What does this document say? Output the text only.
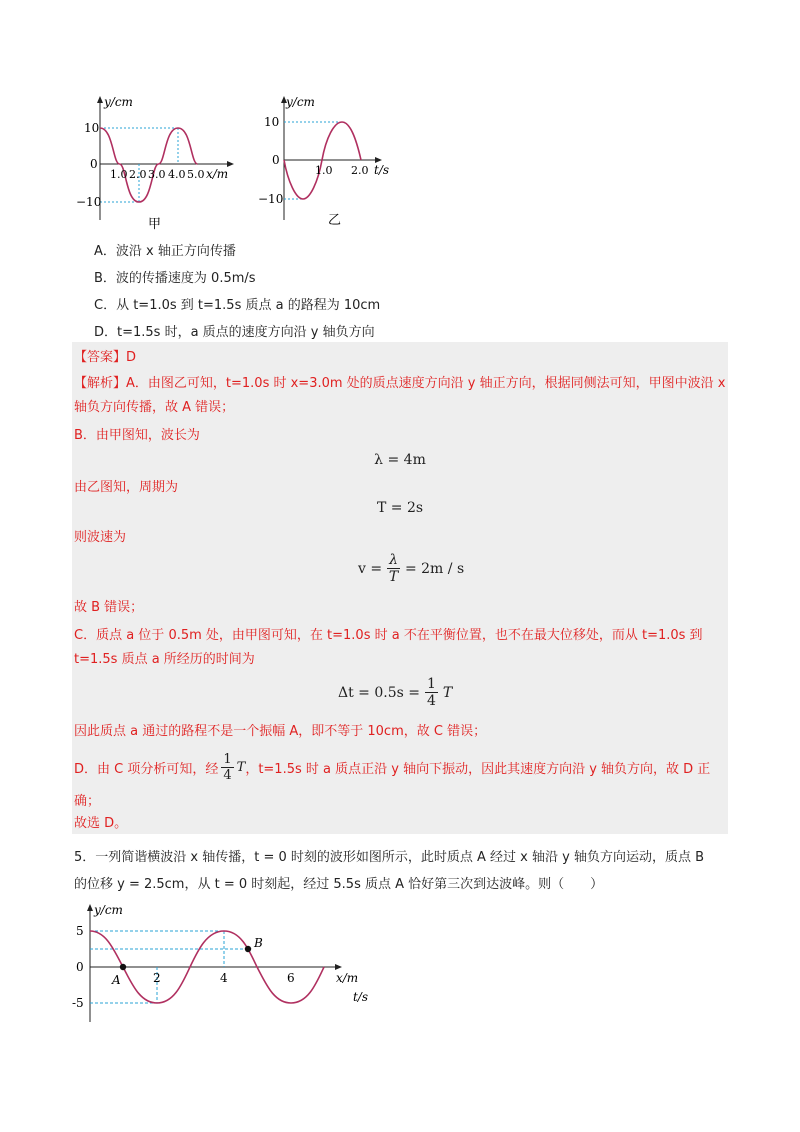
y/cm
10
0
−10
1.0 2.0 3.0 4.0 5.0 x/m
甲
y/cm
10
0
−10
1.0 2.0 t/s
乙
A．波沿 x 轴正方向传播
B．波的传播速度为 0.5m/s
C．从 t=1.0s 到 t=1.5s 质点 a 的路程为 10cm
D．t=1.5s 时，a 质点的速度方向沿 y 轴负方向
【答案】D
【解析】A．由图乙可知，t=1.0s 时 x=3.0m 处的质点速度方向沿 y 轴正方向，根据同侧法可知，甲图中波沿 x 轴负方向传播，故 A 错误；
B．由甲图知，波长为
λ = 4m
由乙图知，周期为
T = 2s
则波速为
$v = \frac{\lambda}{T} = 2m / s$
故 B 错误；
C．质点 a 位于 0.5m 处，由甲图可知，在 t=1.0s 时 a 不在平衡位置，也不在最大位移处，而从 t=1.0s 到 t=1.5s 质点 a 所经历的时间为
$\Delta t = 0.5s = \frac{1}{4}$ T
因此质点 a 通过的路程不是一个振幅 A，即不等于 10cm，故 C 错误；
D．由 C 项分析可知，经 $\frac{1}{4}$ T ，t=1.5s 时 a 质点正沿 y 轴向下振动，因此其速度方向沿 y 轴负方向，故 D 正
确；
故选 D。
5．一列简谐横波沿 x 轴传播，t = 0 时刻的波形如图所示，此时质点 A 经过 x 轴沿 y 轴负方向运动，质点 B
的位移 y = 2.5cm，从 t = 0 时刻起，经过 5.5s 质点 A 恰好第三次到达波峰。则（　　）
y/cm
5
0
-5
2	4	6	x/m
t/s
A
B
